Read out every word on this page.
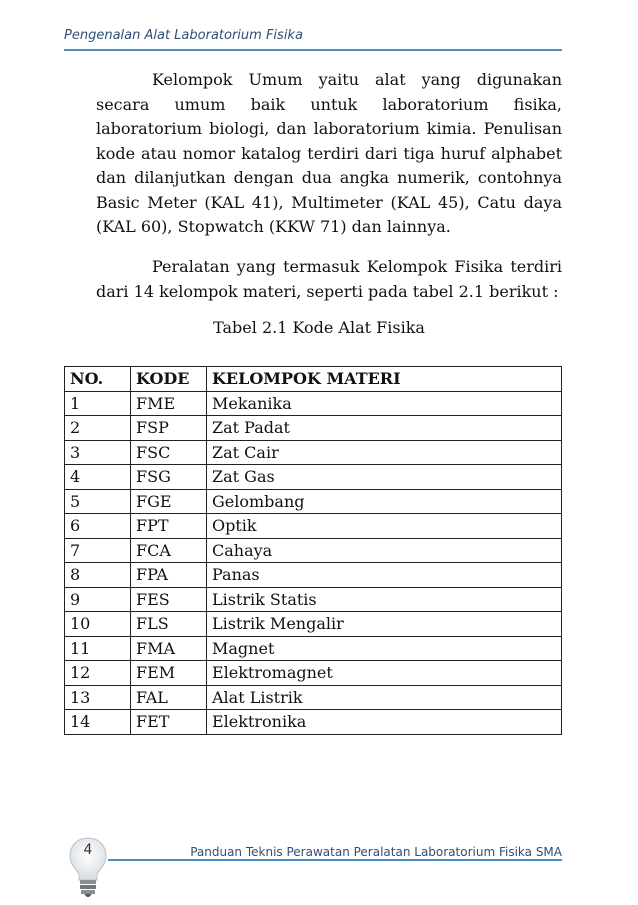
Pengenalan Alat Laboratorium Fisika

Kelompok Umum yaitu alat yang digunakan secara umum baik untuk laboratorium fisika, laboratorium biologi, dan laboratorium kimia. Penulisan kode atau nomor katalog terdiri dari tiga huruf alphabet dan dilanjutkan dengan dua angka numerik, contohnya Basic Meter (KAL 41), Multimeter (KAL 45), Catu daya (KAL 60), Stopwatch (KKW 71) dan lainnya.

Peralatan yang termasuk Kelompok Fisika terdiri dari 14 kelompok materi, seperti pada tabel 2.1 berikut :

Tabel 2.1 Kode Alat Fisika
NO.	KODE	KELOMPOK MATERI
1	FME	Mekanika
2	FSP	Zat Padat
3	FSC	Zat Cair
4	FSG	Zat Gas
5	FGE	Gelombang
6	FPT	Optik
7	FCA	Cahaya
8	FPA	Panas
9	FES	Listrik Statis
10	FLS	Listrik Mengalir
11	FMA	Magnet
12	FEM	Elektromagnet
13	FAL	Alat Listrik
14	FET	Elektronika
4	Panduan Teknis Perawatan Peralatan Laboratorium Fisika SMA
